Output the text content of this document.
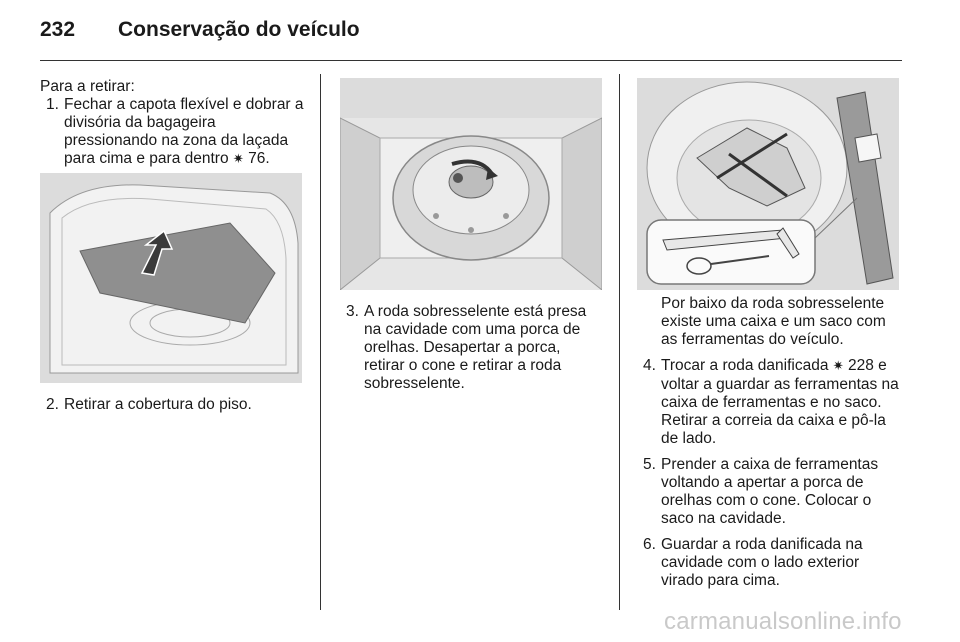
232 Conservação do veículo
Para a retirar:
1. Fechar a capota flexível e dobrar a divisória da bagageira pressionando na zona da laçada para cima e para dentro ✷ 76.
2. Retirar a cobertura do piso.
3. A roda sobresselente está presa na cavidade com uma porca de orelhas. Desapertar a porca, retirar o cone e retirar a roda sobresselente.
Por baixo da roda sobresselente existe uma caixa e um saco com as ferramentas do veículo.
4. Trocar a roda danificada ✷ 228 e voltar a guardar as ferramentas na caixa de ferramentas e no saco. Retirar a correia da caixa e pô-la de lado.
5. Prender a caixa de ferramentas voltando a apertar a porca de orelhas com o cone. Colocar o saco na cavidade.
6. Guardar a roda danificada na cavidade com o lado exterior virado para cima.
carmanualsonline.info
